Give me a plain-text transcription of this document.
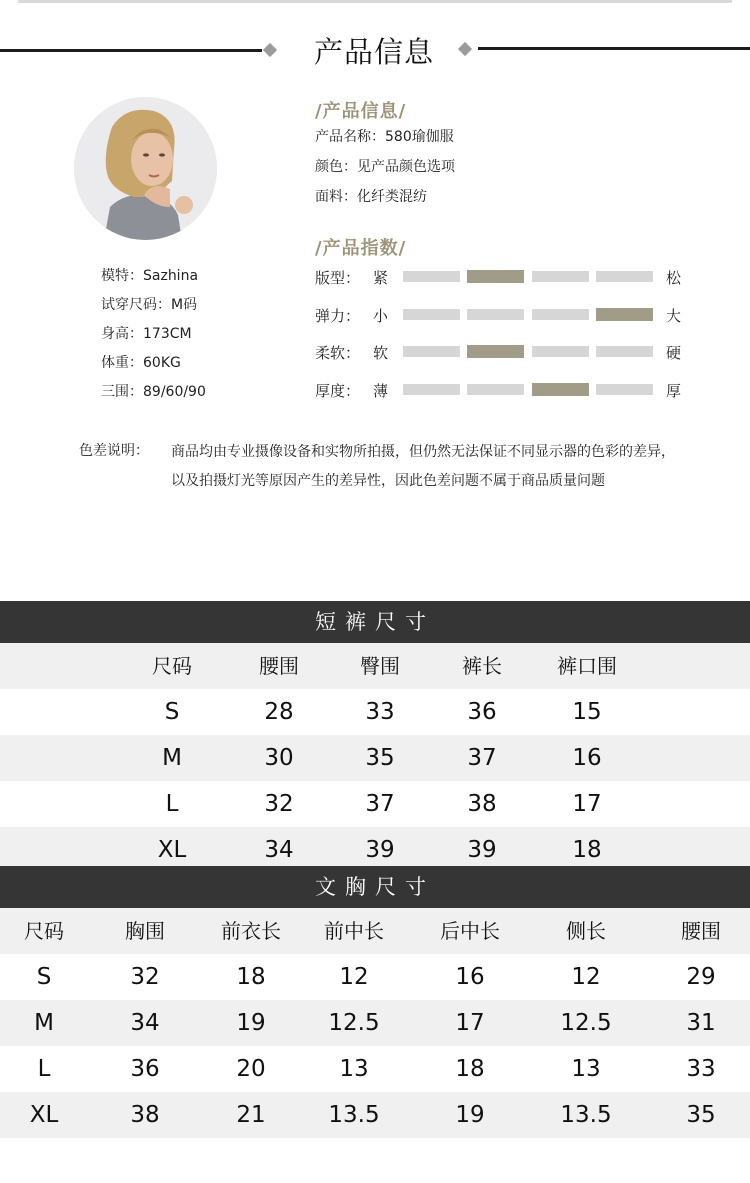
产品信息
模特：Sazhina
试穿尺码：M码
身高：173CM
体重：60KG
三围：89/60/90
/产品信息/
产品名称：580瑜伽服
颜色：见产品颜色选项
面料：化纤类混纺
/产品指数/
版型： 紧	松
弹力： 小	大
柔软： 软	硬
厚度： 薄	厚
色差说明： 商品均由专业摄像设备和实物所拍摄，但仍然无法保证不同显示器的色彩的差异，以及拍摄灯光等原因产生的差异性，因此色差问题不属于商品质量问题
短裤尺寸
尺码	腰围	臀围	裤长	裤口围
S	28	33	36	15
M	30	35	37	16
L	32	37	38	17
XL	34	39	39	18
文胸尺寸
尺码	胸围	前衣长	前中长	后中长	侧长	腰围
S	32	18	12	16	12	29
M	34	19	12.5	17	12.5	31
L	36	20	13	18	13	33
XL	38	21	13.5	19	13.5	35
